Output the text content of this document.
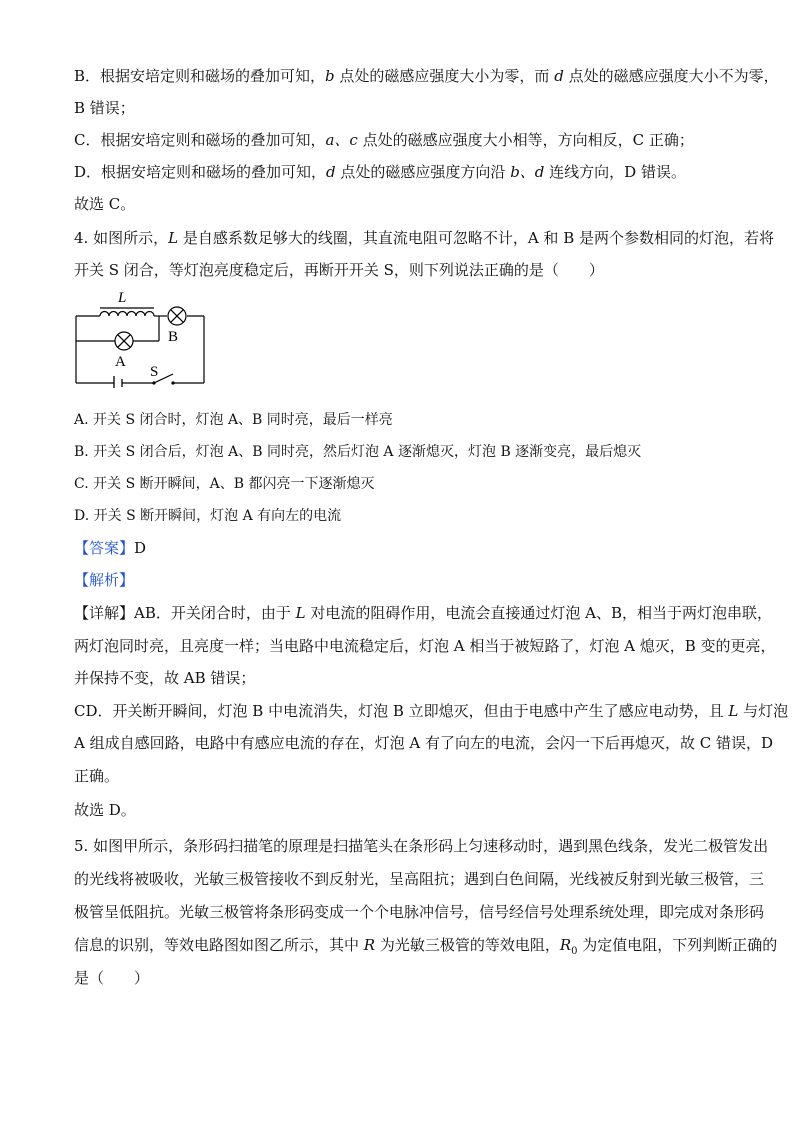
B．根据安培定则和磁场的叠加可知，b 点处的磁感应强度大小为零，而 d 点处的磁感应强度大小不为零，
B 错误；
C．根据安培定则和磁场的叠加可知，a、c 点处的磁感应强度大小相等，方向相反，C 正确；
D．根据安培定则和磁场的叠加可知，d 点处的磁感应强度方向沿 b、d 连线方向，D 错误。
故选 C。
4. 如图所示，L 是自感系数足够大的线圈，其直流电阻可忽略不计，A 和 B 是两个参数相同的灯泡，若将
开关 S 闭合，等灯泡亮度稳定后，再断开开关 S，则下列说法正确的是（　　）
L
B
A
S
A. 开关 S 闭合时，灯泡 A、B 同时亮，最后一样亮
B. 开关 S 闭合后，灯泡 A、B 同时亮，然后灯泡 A 逐渐熄灭，灯泡 B 逐渐变亮，最后熄灭
C. 开关 S 断开瞬间，A、B 都闪亮一下逐渐熄灭
D. 开关 S 断开瞬间，灯泡 A 有向左的电流
【答案】D
【解析】
【详解】AB．开关闭合时，由于 L 对电流的阻碍作用，电流会直接通过灯泡 A、B，相当于两灯泡串联，
两灯泡同时亮，且亮度一样；当电路中电流稳定后，灯泡 A 相当于被短路了，灯泡 A 熄灭，B 变的更亮，
并保持不变，故 AB 错误；
CD．开关断开瞬间，灯泡 B 中电流消失，灯泡 B 立即熄灭，但由于电感中产生了感应电动势，且 L 与灯泡
A 组成自感回路，电路中有感应电流的存在，灯泡 A 有了向左的电流，会闪一下后再熄灭，故 C 错误，D
正确。
故选 D。
5. 如图甲所示，条形码扫描笔的原理是扫描笔头在条形码上匀速移动时，遇到黑色线条，发光二极管发出
的光线将被吸收，光敏三极管接收不到反射光，呈高阻抗；遇到白色间隔，光线被反射到光敏三极管，三
极管呈低阻抗。光敏三极管将条形码变成一个个电脉冲信号，信号经信号处理系统处理，即完成对条形码
信息的识别，等效电路图如图乙所示，其中 R 为光敏三极管的等效电阻，$R_0$ 为定值电阻，下列判断正确的
是（　　）
